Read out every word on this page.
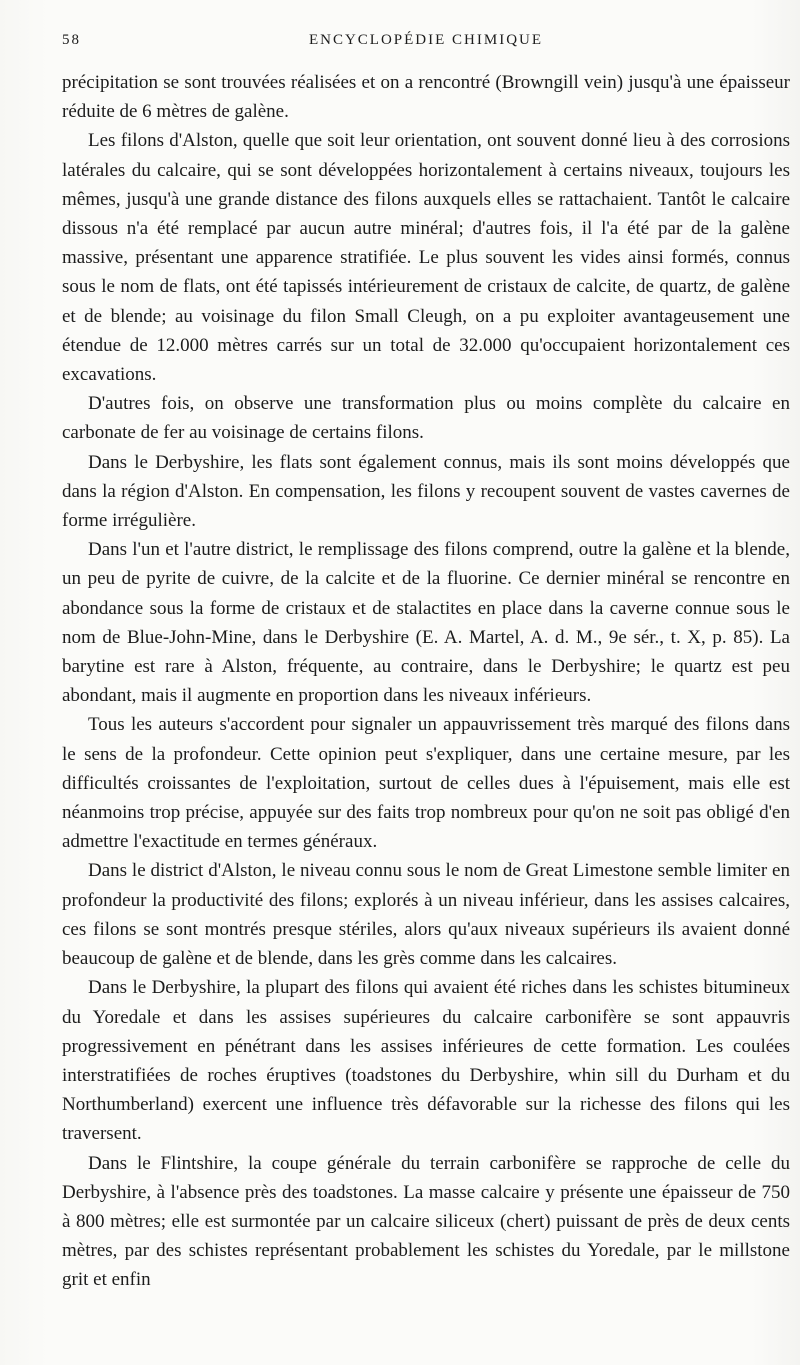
58	ENCYCLOPÉDIE CHIMIQUE

précipitation se sont trouvées réalisées et on a rencontré (Browngill vein) jusqu'à une épaisseur réduite de 6 mètres de galène.

Les filons d'Alston, quelle que soit leur orientation, ont souvent donné lieu à des corrosions latérales du calcaire, qui se sont développées horizontalement à certains niveaux, toujours les mêmes, jusqu'à une grande distance des filons auxquels elles se rattachaient. Tantôt le calcaire dissous n'a été remplacé par aucun autre minéral; d'autres fois, il l'a été par de la galène massive, présentant une apparence stratifiée. Le plus souvent les vides ainsi formés, connus sous le nom de flats, ont été tapissés intérieurement de cristaux de calcite, de quartz, de galène et de blende; au voisinage du filon Small Cleugh, on a pu exploiter avantageusement une étendue de 12.000 mètres carrés sur un total de 32.000 qu'occupaient horizontalement ces excavations.

D'autres fois, on observe une transformation plus ou moins complète du calcaire en carbonate de fer au voisinage de certains filons.

Dans le Derbyshire, les flats sont également connus, mais ils sont moins développés que dans la région d'Alston. En compensation, les filons y recoupent souvent de vastes cavernes de forme irrégulière.

Dans l'un et l'autre district, le remplissage des filons comprend, outre la galène et la blende, un peu de pyrite de cuivre, de la calcite et de la fluorine. Ce dernier minéral se rencontre en abondance sous la forme de cristaux et de stalactites en place dans la caverne connue sous le nom de Blue-John-Mine, dans le Derbyshire (E. A. Martel, A. d. M., 9e sér., t. X, p. 85). La barytine est rare à Alston, fréquente, au contraire, dans le Derbyshire; le quartz est peu abondant, mais il augmente en proportion dans les niveaux inférieurs.

Tous les auteurs s'accordent pour signaler un appauvrissement très marqué des filons dans le sens de la profondeur. Cette opinion peut s'expliquer, dans une certaine mesure, par les difficultés croissantes de l'exploitation, surtout de celles dues à l'épuisement, mais elle est néanmoins trop précise, appuyée sur des faits trop nombreux pour qu'on ne soit pas obligé d'en admettre l'exactitude en termes généraux.

Dans le district d'Alston, le niveau connu sous le nom de Great Limestone semble limiter en profondeur la productivité des filons; explorés à un niveau inférieur, dans les assises calcaires, ces filons se sont montrés presque stériles, alors qu'aux niveaux supérieurs ils avaient donné beaucoup de galène et de blende, dans les grès comme dans les calcaires.

Dans le Derbyshire, la plupart des filons qui avaient été riches dans les schistes bitumineux du Yoredale et dans les assises supérieures du calcaire carbonifère se sont appauvris progressivement en pénétrant dans les assises inférieures de cette formation. Les coulées interstratifiées de roches éruptives (toadstones du Derbyshire, whin sill du Durham et du Northumberland) exercent une influence très défavorable sur la richesse des filons qui les traversent.

Dans le Flintshire, la coupe générale du terrain carbonifère se rapproche de celle du Derbyshire, à l'absence près des toadstones. La masse calcaire y présente une épaisseur de 750 à 800 mètres; elle est surmontée par un calcaire siliceux (chert) puissant de près de deux cents mètres, par des schistes représentant probablement les schistes du Yoredale, par le millstone grit et enfin
